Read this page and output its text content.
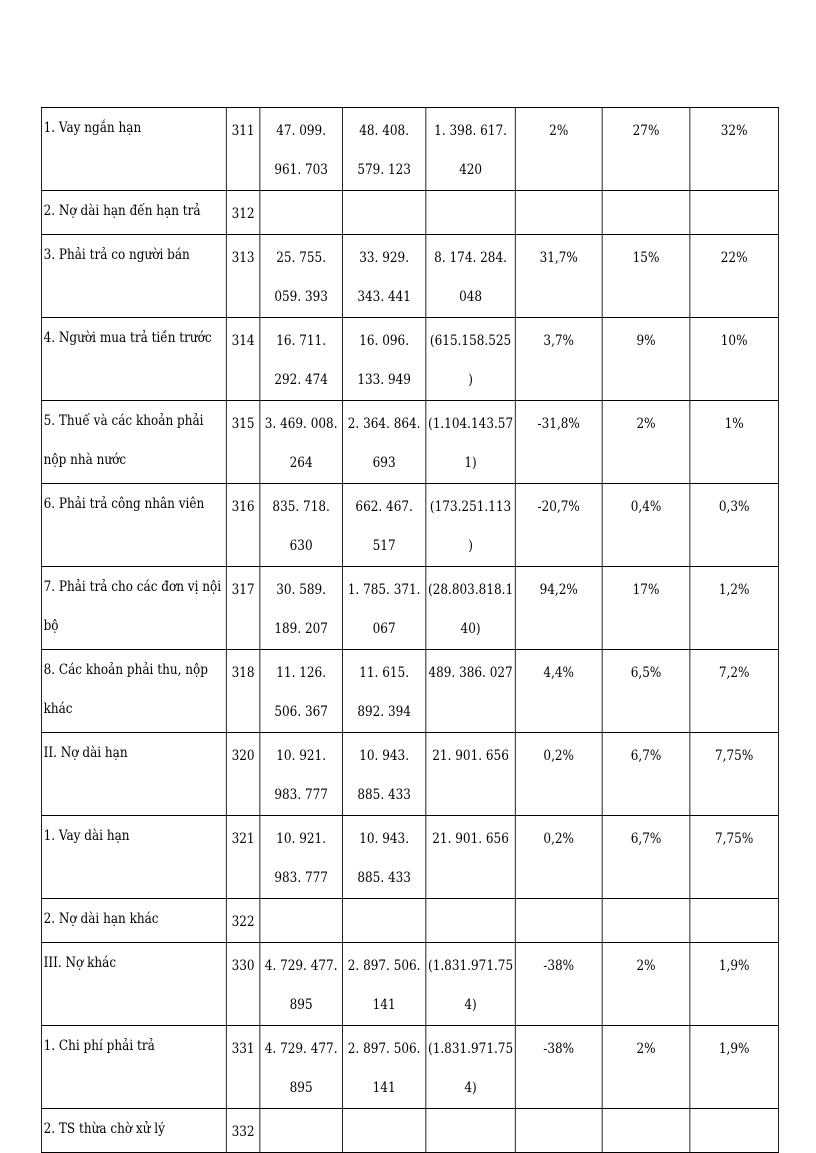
1. Vay ngắn hạn	311	47. 099. 961. 703	48. 408. 579. 123	1. 398. 617. 420	2%	27%	32%
2. Nợ dài hạn đến hạn trả	312						
3. Phải trả co người bán	313	25. 755. 059. 393	33. 929. 343. 441	8. 174. 284. 048	31,7%	15%	22%
4. Người mua trả tiền trước	314	16. 711. 292. 474	16. 096. 133. 949	(615.158.525)	3,7%	9%	10%
5. Thuế và các khoản phải nộp nhà nước	315	3. 469. 008. 264	2. 364. 864. 693	(1.104.143.571)	-31,8%	2%	1%
6. Phải trả công nhân viên	316	835. 718. 630	662. 467. 517	(173.251.113)	-20,7%	0,4%	0,3%
7. Phải trả cho các đơn vị nội bộ	317	30. 589. 189. 207	1. 785. 371. 067	(28.803.818.140)	94,2%	17%	1,2%
8. Các khoản phải thu, nộp khác	318	11. 126. 506. 367	11. 615. 892. 394	489. 386. 027	4,4%	6,5%	7,2%
II. Nợ dài hạn	320	10. 921. 983. 777	10. 943. 885. 433	21. 901. 656	0,2%	6,7%	7,75%
1. Vay dài hạn	321	10. 921. 983. 777	10. 943. 885. 433	21. 901. 656	0,2%	6,7%	7,75%
2. Nợ dài hạn khác	322						
III. Nợ khác	330	4. 729. 477. 895	2. 897. 506. 141	(1.831.971.754)	-38%	2%	1,9%
1. Chi phí phải trả	331	4. 729. 477. 895	2. 897. 506. 141	(1.831.971.754)	-38%	2%	1,9%
2. TS thừa chờ xử lý	332						
